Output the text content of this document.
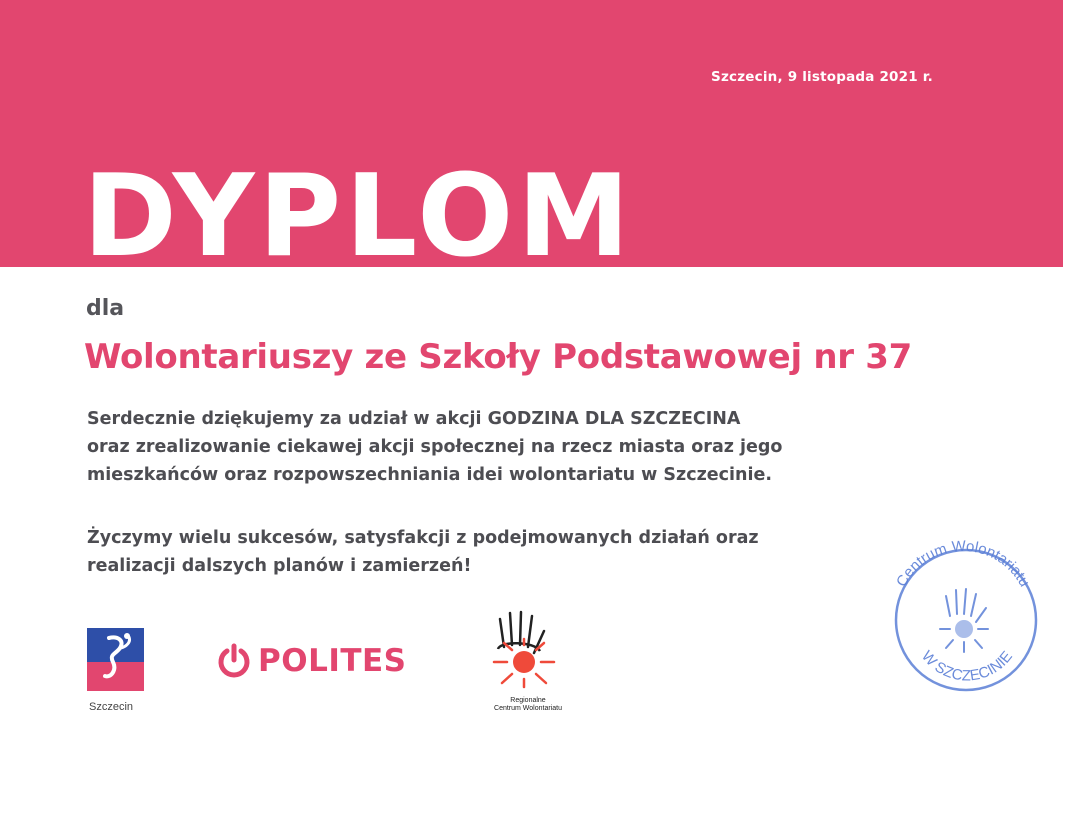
Szczecin, 9 listopada 2021 r.
DYPLOM
dla
Wolontariuszy ze Szkoły Podstawowej nr 37
Serdecznie dziękujemy za udział w akcji GODZINA DLA SZCZECINA
oraz zrealizowanie ciekawej akcji społecznej na rzecz miasta oraz jego
mieszkańców oraz rozpowszechniania idei wolontariatu w Szczecinie.
Życzymy wielu sukcesów, satysfakcji z podejmowanych działań oraz
realizacji dalszych planów i zamierzeń!
Szczecin
POLITES
Regionalne
Centrum Wolontariatu
Centrum Wolontariatu
W SZCZECINIE
